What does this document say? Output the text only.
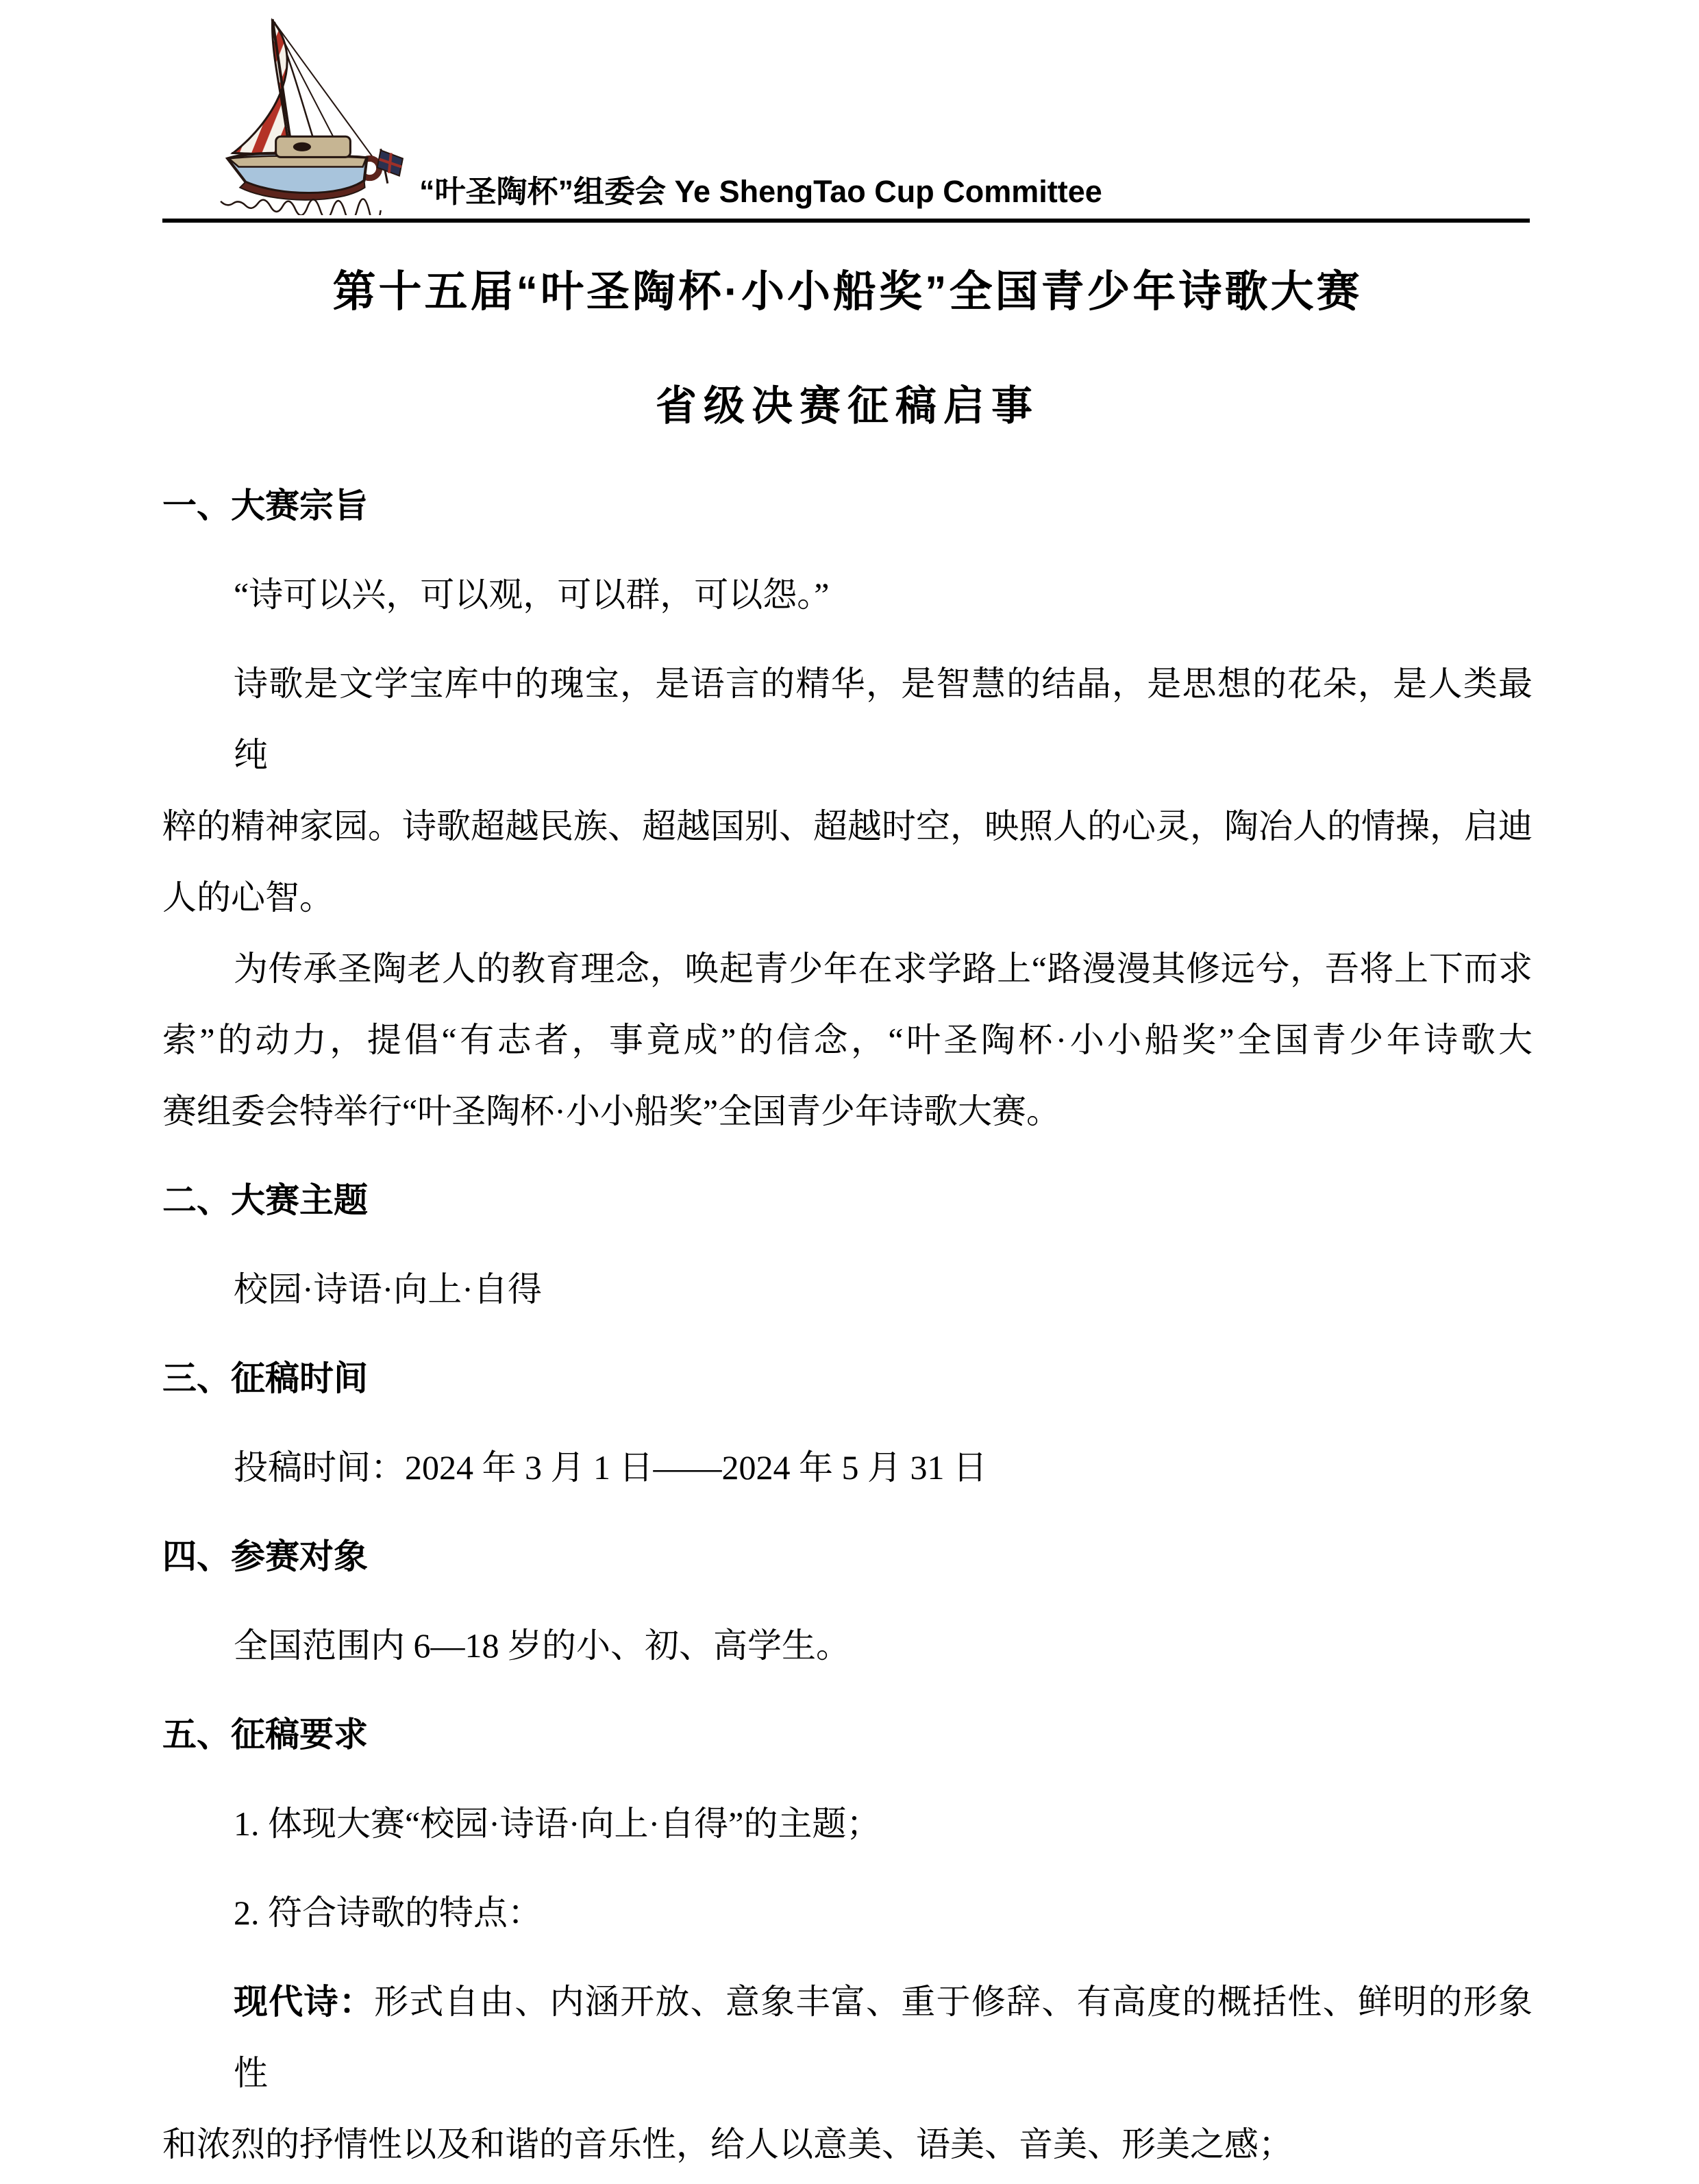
“叶圣陶杯”组委会 Ye ShengTao Cup Committee
第十五届“叶圣陶杯·小小船奖”全国青少年诗歌大赛
省级决赛征稿启事
一、大赛宗旨
“诗可以兴，可以观，可以群，可以怨。”
诗歌是文学宝库中的瑰宝，是语言的精华，是智慧的结晶，是思想的花朵，是人类最纯
粹的精神家园。诗歌超越民族、超越国别、超越时空，映照人的心灵，陶冶人的情操，启迪
人的心智。
为传承圣陶老人的教育理念，唤起青少年在求学路上“路漫漫其修远兮，吾将上下而求
索”的动力，提倡“有志者，事竟成”的信念，“叶圣陶杯·小小船奖”全国青少年诗歌大
赛组委会特举行“叶圣陶杯·小小船奖”全国青少年诗歌大赛。
二、大赛主题
校园·诗语·向上·自得
三、征稿时间
投稿时间：2024 年 3 月 1 日——2024 年 5 月 31 日
四、参赛对象
全国范围内 6—18 岁的小、初、高学生。
五、征稿要求
1. 体现大赛“校园·诗语·向上·自得”的主题；
2. 符合诗歌的特点：
现代诗：形式自由、内涵开放、意象丰富、重于修辞、有高度的概括性、鲜明的形象性
和浓烈的抒情性以及和谐的音乐性，给人以意美、语美、音美、形美之感；
